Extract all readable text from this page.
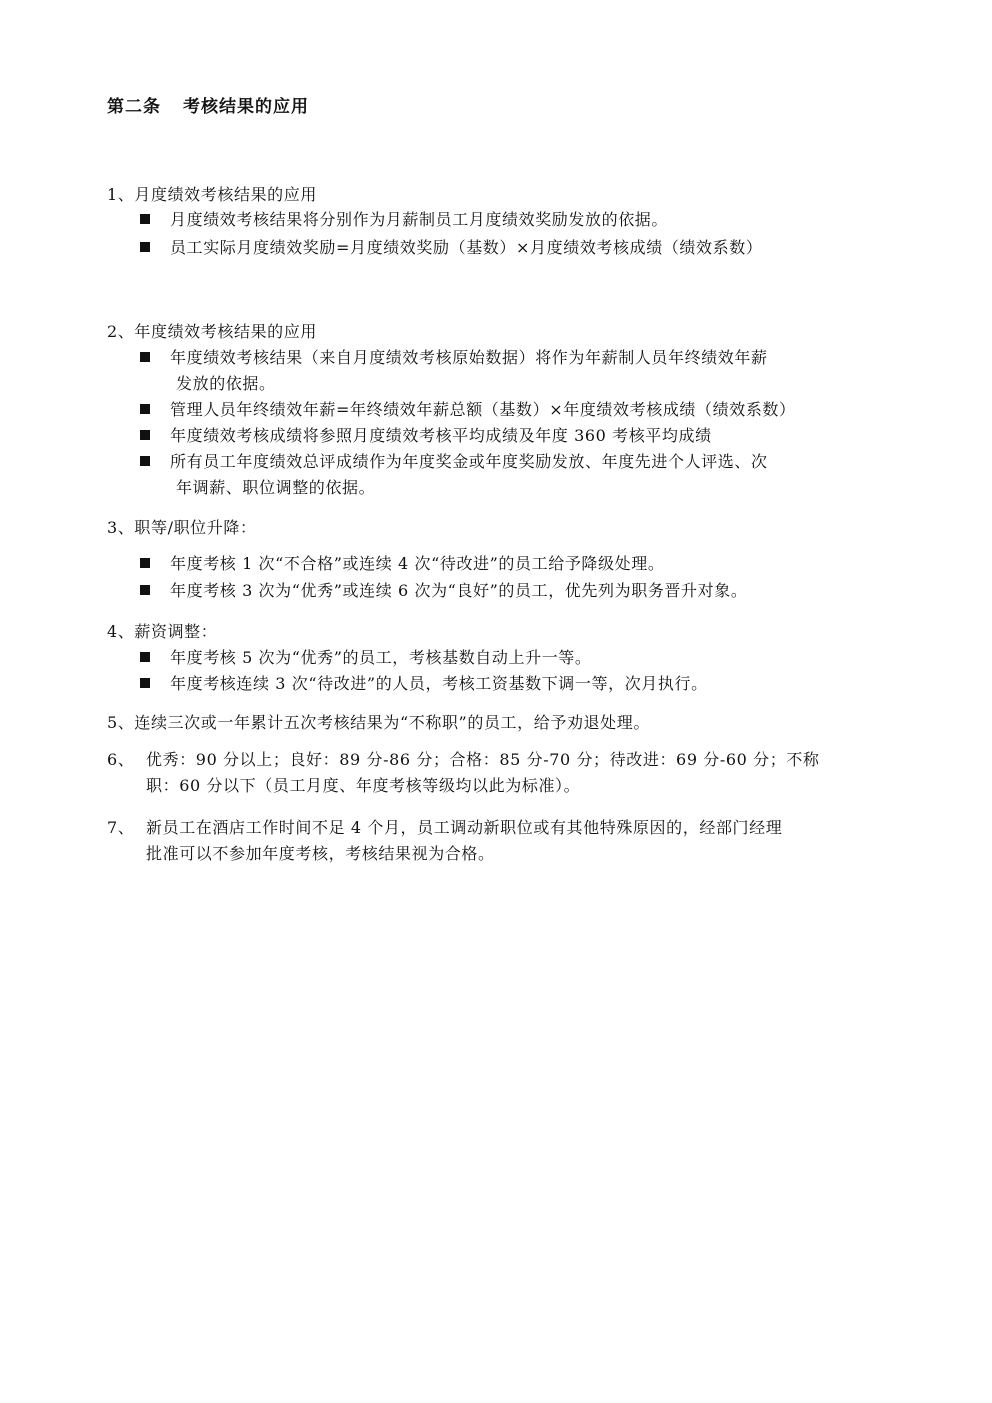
第二条 考核结果的应用
1、月度绩效考核结果的应用
月度绩效考核结果将分别作为月薪制员工月度绩效奖励发放的依据。
员工实际月度绩效奖励=月度绩效奖励（基数）×月度绩效考核成绩（绩效系数）
2、年度绩效考核结果的应用
年度绩效考核结果（来自月度绩效考核原始数据）将作为年薪制人员年终绩效年薪
发放的依据。
管理人员年终绩效年薪=年终绩效年薪总额（基数）×年度绩效考核成绩（绩效系数）
年度绩效考核成绩将参照月度绩效考核平均成绩及年度 360 考核平均成绩
所有员工年度绩效总评成绩作为年度奖金或年度奖励发放、年度先进个人评选、次
年调薪、职位调整的依据。
3、职等/职位升降：
年度考核 1 次“不合格”或连续 4 次“待改进”的员工给予降级处理。
年度考核 3 次为“优秀”或连续 6 次为“良好”的员工，优先列为职务晋升对象。
4、薪资调整：
年度考核 5 次为“优秀”的员工，考核基数自动上升一等。
年度考核连续 3 次“待改进”的人员，考核工资基数下调一等，次月执行。
5、连续三次或一年累计五次考核结果为“不称职”的员工，给予劝退处理。
6、 优秀：90 分以上；良好：89 分-86 分；合格：85 分-70 分；待改进：69 分-60 分；不称
职：60 分以下（员工月度、年度考核等级均以此为标准）。
7、 新员工在酒店工作时间不足 4 个月，员工调动新职位或有其他特殊原因的，经部门经理
批准可以不参加年度考核，考核结果视为合格。
